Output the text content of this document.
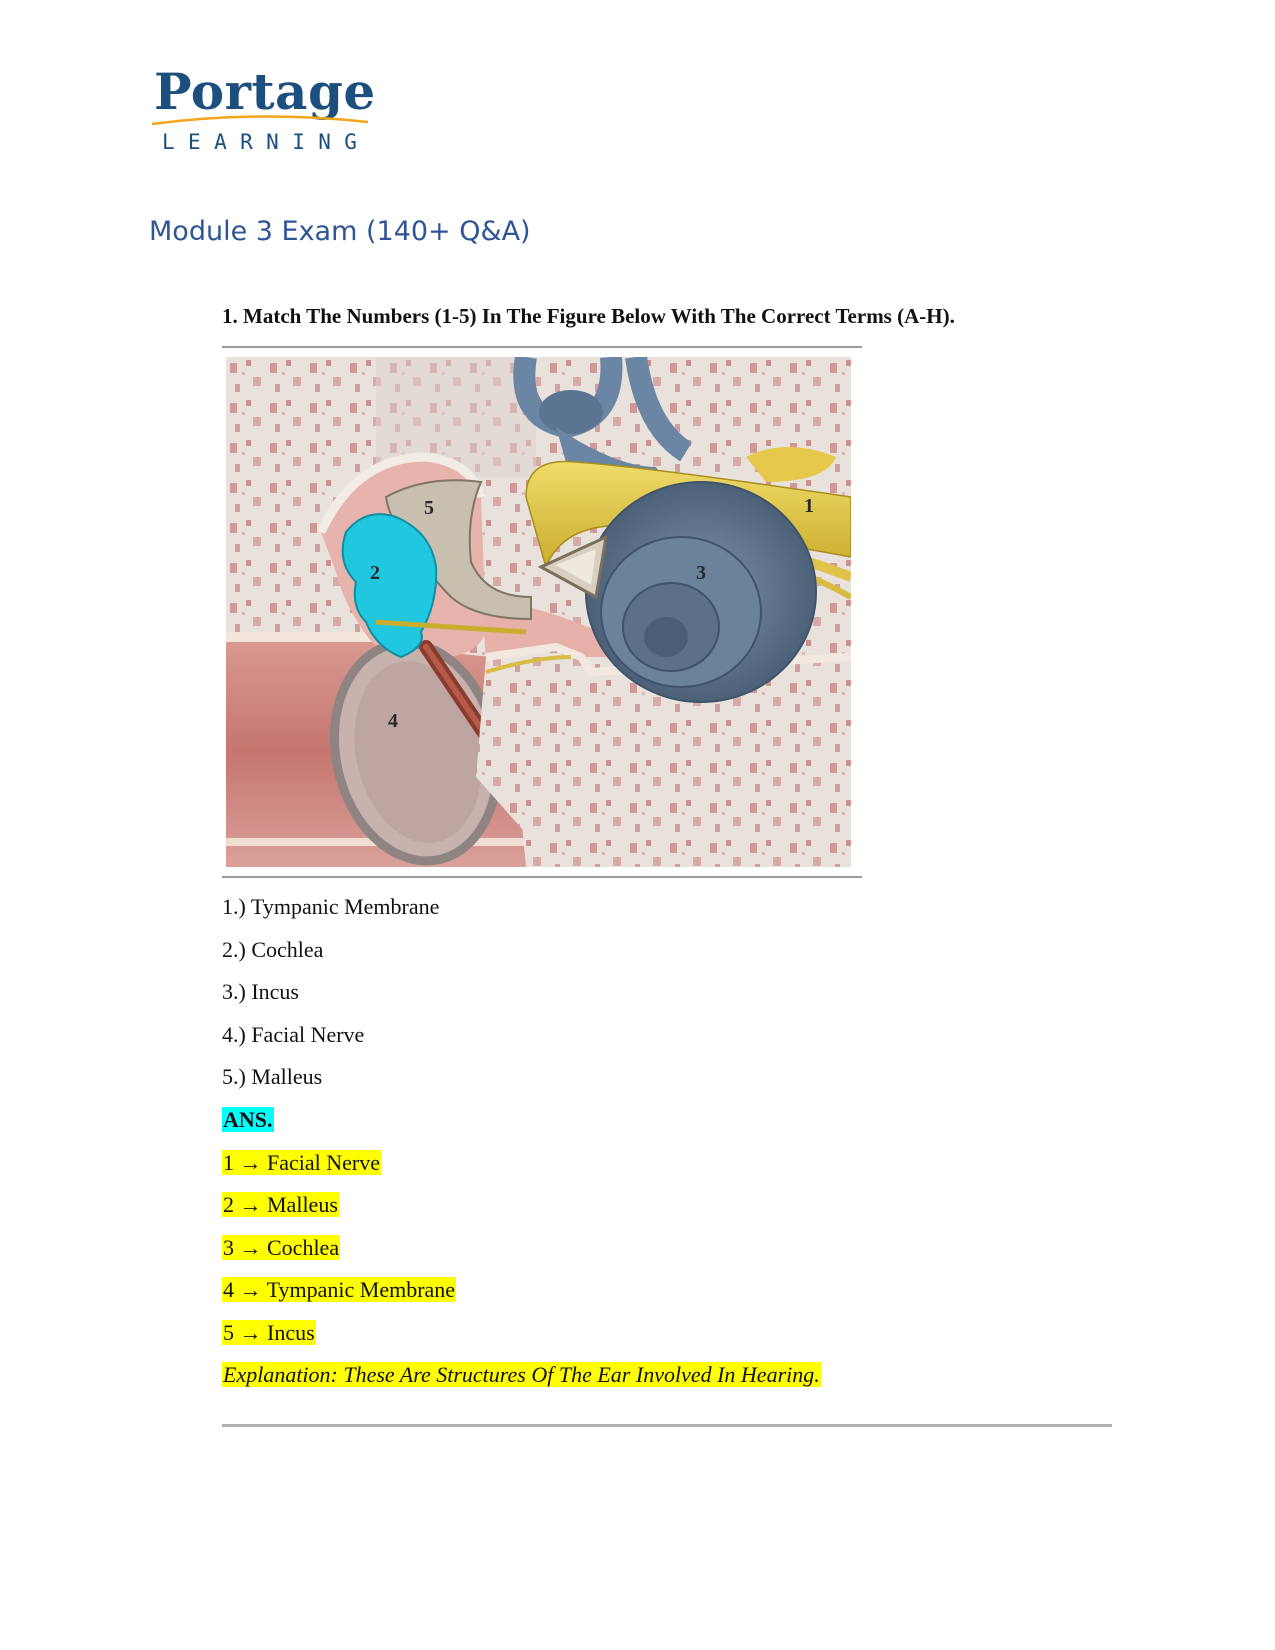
Portage
LEARNING
Module 3 Exam (140+ Q&A)

1. Match The Numbers (1-5) In The Figure Below With The Correct Terms (A-H).

1
2	3
4
5
1.) Tympanic Membrane
2.) Cochlea
3.) Incus
4.) Facial Nerve
5.) Malleus
ANS.
1 → Facial Nerve
2 → Malleus
3 → Cochlea
4 → Tympanic Membrane
5 → Incus

Explanation: These Are Structures Of The Ear Involved In Hearing.
